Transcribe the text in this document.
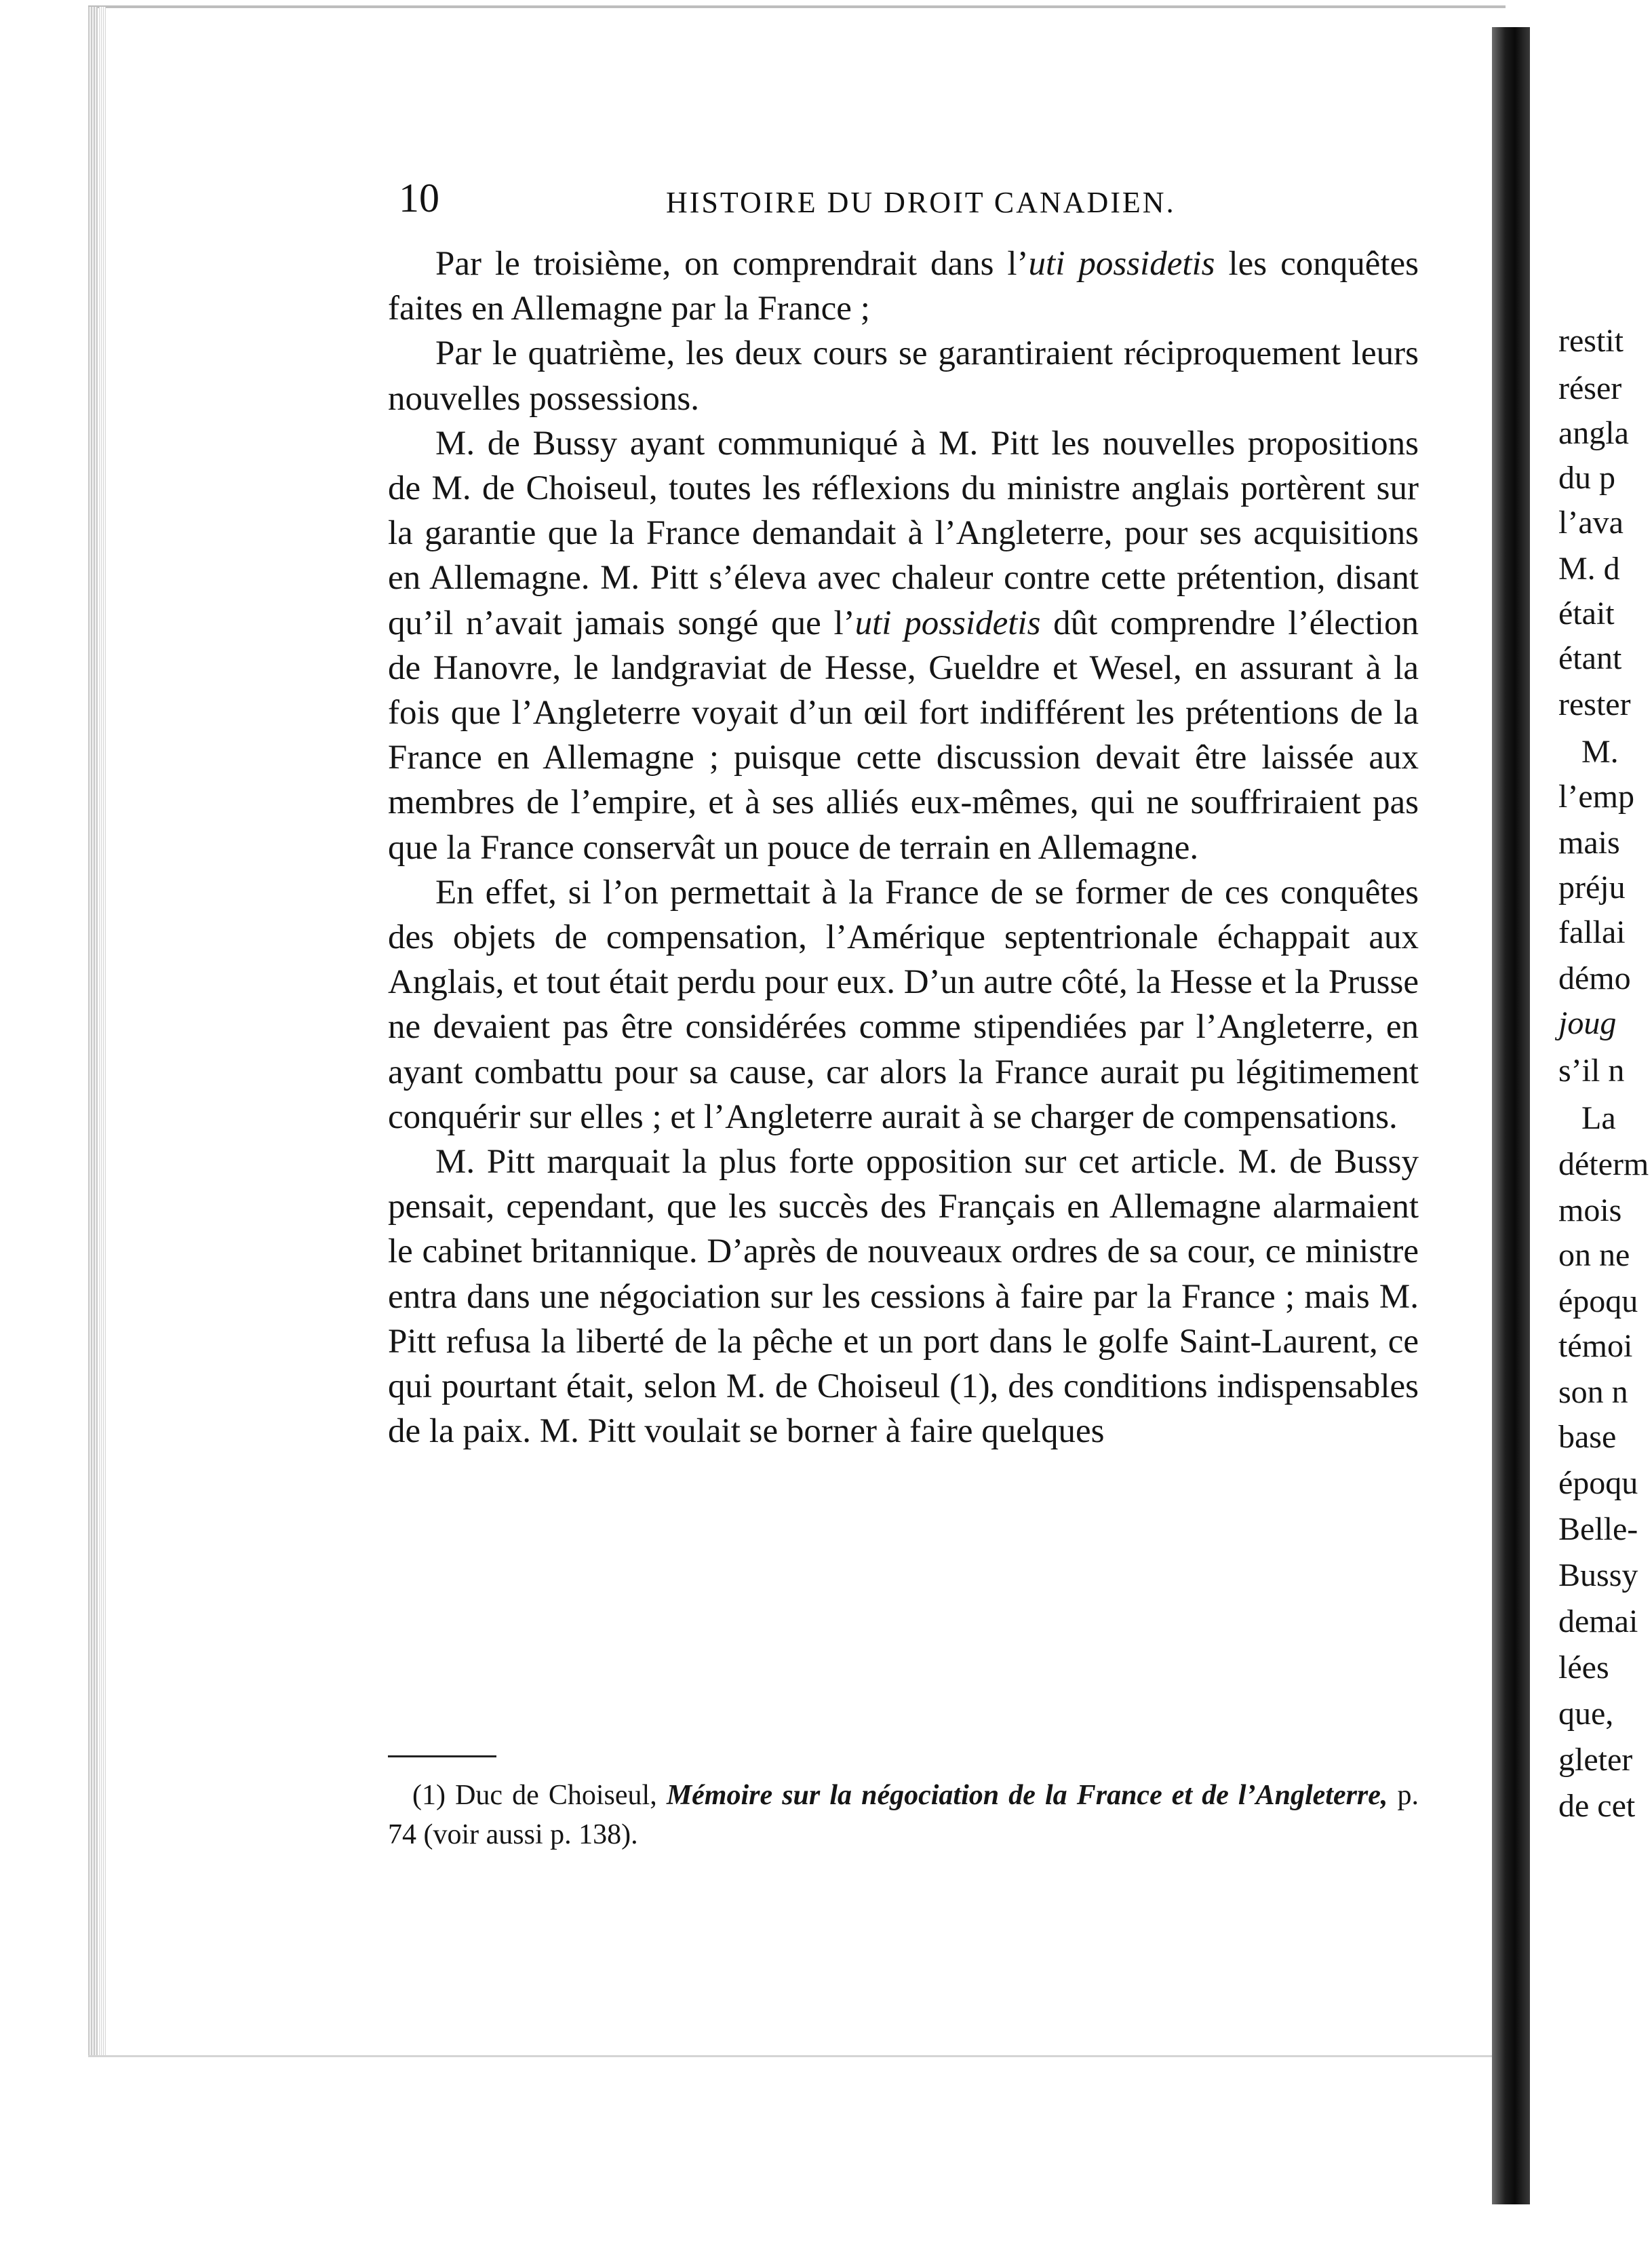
10	HISTOIRE DU DROIT CANADIEN.

Par le troisième, on comprendrait dans l’uti possidetis les conquêtes faites en Allemagne par la France ;

Par le quatrième, les deux cours se garantiraient réciproquement leurs nouvelles possessions.

M. de Bussy ayant communiqué à M. Pitt les nouvelles propositions de M. de Choiseul, toutes les réflexions du ministre anglais portèrent sur la garantie que la France demandait à l’Angleterre, pour ses acquisitions en Allemagne. M. Pitt s’éleva avec chaleur contre cette prétention, disant qu’il n’avait jamais songé que l’uti possidetis dût comprendre l’élection de Hanovre, le landgraviat de Hesse, Gueldre et Wesel, en assurant à la fois que l’Angleterre voyait d’un œil fort indifférent les prétentions de la France en Allemagne ; puisque cette discussion devait être laissée aux membres de l’empire, et à ses alliés eux-mêmes, qui ne souffriraient pas que la France conservât un pouce de terrain en Allemagne.

En effet, si l’on permettait à la France de se former de ces conquêtes des objets de compensation, l’Amérique septentrionale échappait aux Anglais, et tout était perdu pour eux. D’un autre côté, la Hesse et la Prusse ne devaient pas être considérées comme stipendiées par l’Angleterre, en ayant combattu pour sa cause, car alors la France aurait pu légitimement conquérir sur elles ; et l’Angleterre aurait à se charger de compensations.

M. Pitt marquait la plus forte opposition sur cet article. M. de Bussy pensait, cependant, que les succès des Français en Allemagne alarmaient le cabinet britannique. D’après de nouveaux ordres de sa cour, ce ministre entra dans une négociation sur les cessions à faire par la France ; mais M. Pitt refusa la liberté de la pêche et un port dans le golfe Saint-Laurent, ce qui pourtant était, selon M. de Choiseul (1), des conditions indispensables de la paix. M. Pitt voulait se borner à faire quelques

(1) Duc de Choiseul, Mémoire sur la négociation de la France et de l’Angleterre, p. 74 (voir aussi p. 138).

restit
réser
angla
du p
l’ava
M. d
était
étant
rester
M.
l’emp
mais
préju
fallai
démo
joug
s’il n
La
déterm
mois
on ne
époqu
témoi
son n
base
époqu
Belle-
Bussy
demai
lées
que,
gleter
de cet
